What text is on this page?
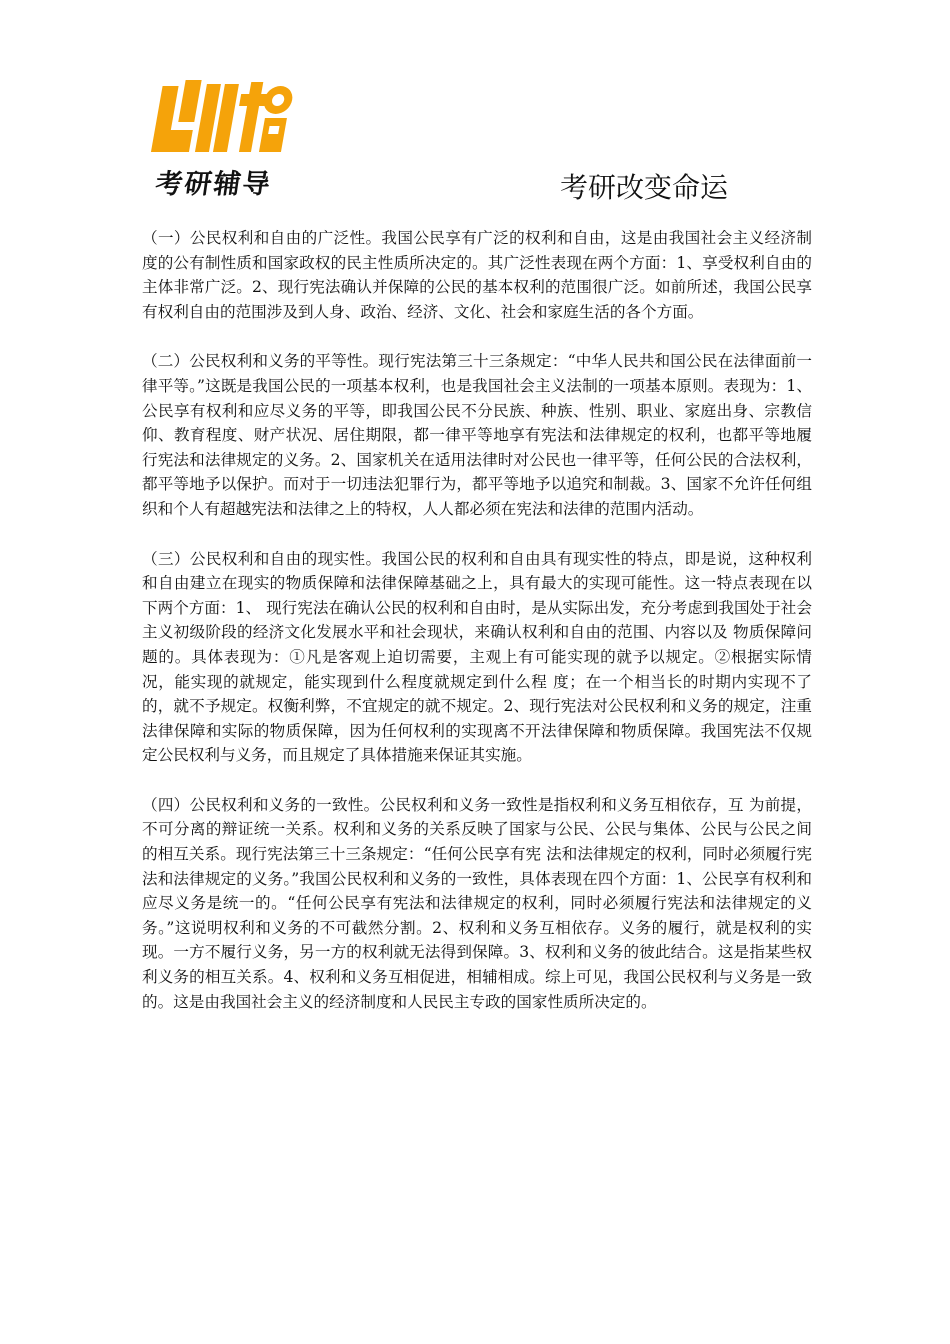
考研辅导	考研改变命运

（一）公民权利和自由的广泛性。我国公民享有广泛的权利和自由，这是由我国社会主义经济制度的公有制性质和国家政权的民主性质所决定的。其广泛性表现在两个方面：1、享受权利自由的主体非常广泛。2、现行宪法确认并保障的公民的基本权利的范围很广泛。如前所述，我国公民享有权利自由的范围涉及到人身、政治、经济、文化、社会和家庭生活的各个方面。

（二）公民权利和义务的平等性。现行宪法第三十三条规定：“中华人民共和国公民在法律面前一律平等。”这既是我国公民的一项基本权利，也是我国社会主义法制的一项基本原则。表现为：1、公民享有权利和应尽义务的平等，即我国公民不分民族、种族、性别、职业、家庭出身、宗教信仰、教育程度、财产状况、居住期限，都一律平等地享有宪法和法律规定的权利，也都平等地履行宪法和法律规定的义务。2、国家机关在适用法律时对公民也一律平等，任何公民的合法权利，都平等地予以保护。而对于一切违法犯罪行为，都平等地予以追究和制裁。3、国家不允许任何组织和个人有超越宪法和法律之上的特权，人人都必须在宪法和法律的范围内活动。

（三）公民权利和自由的现实性。我国公民的权利和自由具有现实性的特点，即是说，这种权利和自由建立在现实的物质保障和法律保障基础之上，具有最大的实现可能性。这一特点表现在以下两个方面：1、 现行宪法在确认公民的权利和自由时，是从实际出发，充分考虑到我国处于社会主义初级阶段的经济文化发展水平和社会现状，来确认权利和自由的范围、内容以及 物质保障问题的。具体表现为：①凡是客观上迫切需要，主观上有可能实现的就予以规定。②根据实际情况，能实现的就规定，能实现到什么程度就规定到什么程 度；在一个相当长的时期内实现不了的，就不予规定。权衡利弊，不宜规定的就不规定。2、现行宪法对公民权利和义务的规定，注重法律保障和实际的物质保障，因为任何权利的实现离不开法律保障和物质保障。我国宪法不仅规定公民权利与义务，而且规定了具体措施来保证其实施。

（四）公民权利和义务的一致性。公民权利和义务一致性是指权利和义务互相依存，互 为前提，不可分离的辩证统一关系。权利和义务的关系反映了国家与公民、公民与集体、公民与公民之间的相互关系。现行宪法第三十三条规定：“任何公民享有宪 法和法律规定的权利，同时必须履行宪法和法律规定的义务。”我国公民权利和义务的一致性，具体表现在四个方面：1、公民享有权利和应尽义务是统一的。“任何公民享有宪法和法律规定的权利，同时必须履行宪法和法律规定的义务。”这说明权利和义务的不可截然分割。2、权利和义务互相依存。义务的履行，就是权利的实现。一方不履行义务，另一方的权利就无法得到保障。3、权利和义务的彼此结合。这是指某些权利义务的相互关系。4、权利和义务互相促进，相辅相成。综上可见，我国公民权利与义务是一致的。这是由我国社会主义的经济制度和人民民主专政的国家性质所决定的。
